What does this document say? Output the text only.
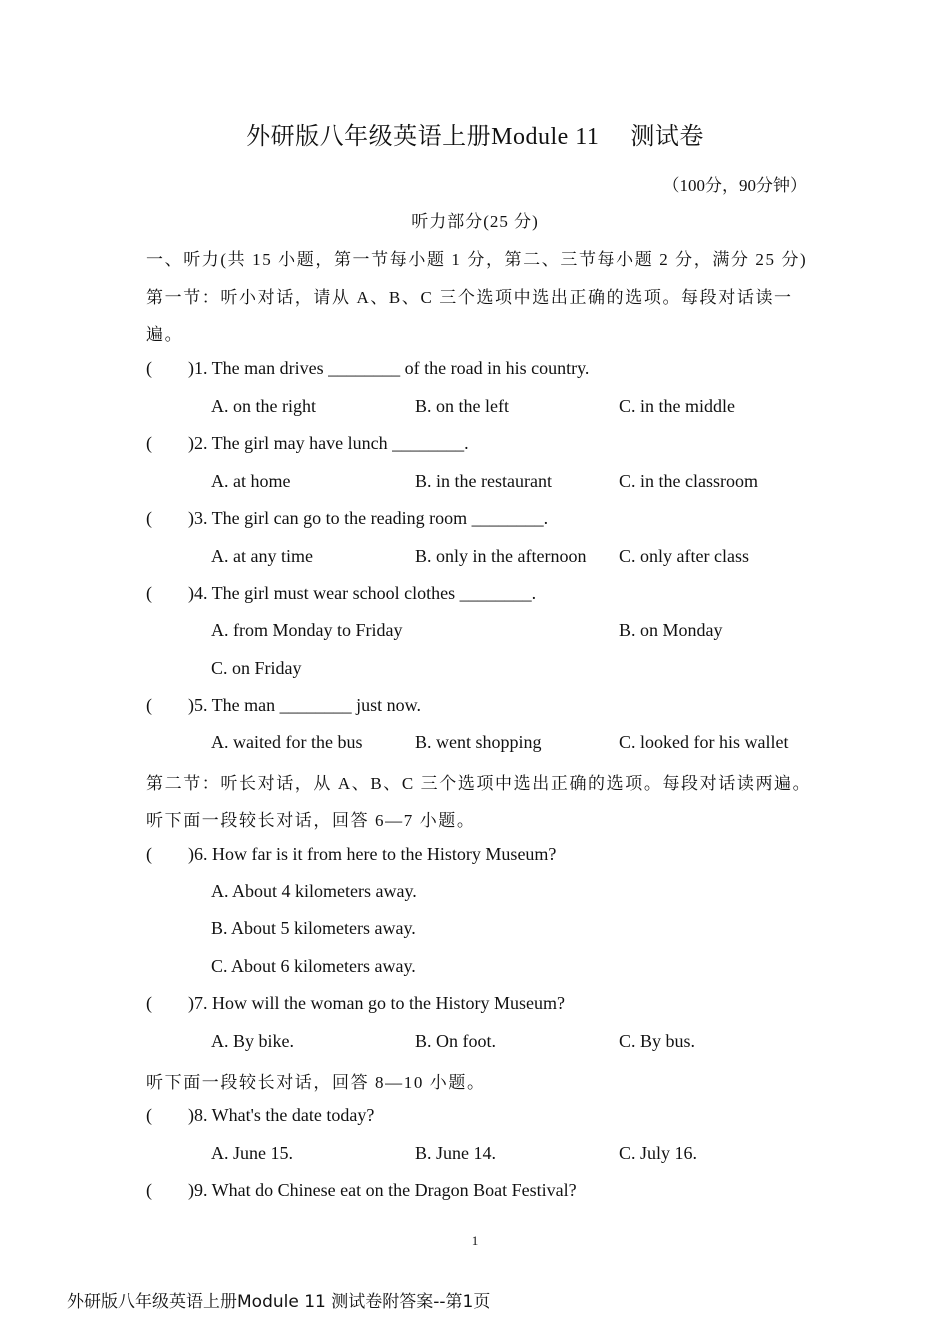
外研版八年级英语上册Module 11　 测试卷
（100分，90分钟）
听力部分(25 分)
一、听力(共 15 小题，第一节每小题 1 分，第二、三节每小题 2 分，满分 25 分)
第一节：听小对话，请从 A、B、C 三个选项中选出正确的选项。每段对话读一
遍。
( )1. The man drives ________ of the road in his country.
A. on the right	B. on the left	C. in the middle
( )2. The girl may have lunch ________.
A. at home	B. in the restaurant	C. in the classroom
( )3. The girl can go to the reading room ________.
A. at any time	B. only in the afternoon C. only after class
( )4. The girl must wear school clothes ________.
A. from Monday to Friday	B. on Monday
C. on Friday
( )5. The man ________ just now.
A. waited for the bus	B. went shopping	C. looked for his wallet
第二节：听长对话，从 A、B、C 三个选项中选出正确的选项。每段对话读两遍。
听下面一段较长对话，回答 6—7 小题。
( )6. How far is it from here to the History Museum?
A. About 4 kilometers away.
B. About 5 kilometers away.
C. About 6 kilometers away.
( )7. How will the woman go to the History Museum?
A. By bike.	B. On foot.	C. By bus.
听下面一段较长对话，回答 8—10 小题。
( )8. What's the date today?
A. June 15.	B. June 14.	C. July 16.
( )9. What do Chinese eat on the Dragon Boat Festival?
1
外研版八年级英语上册Module 11 测试卷附答案--第1页
